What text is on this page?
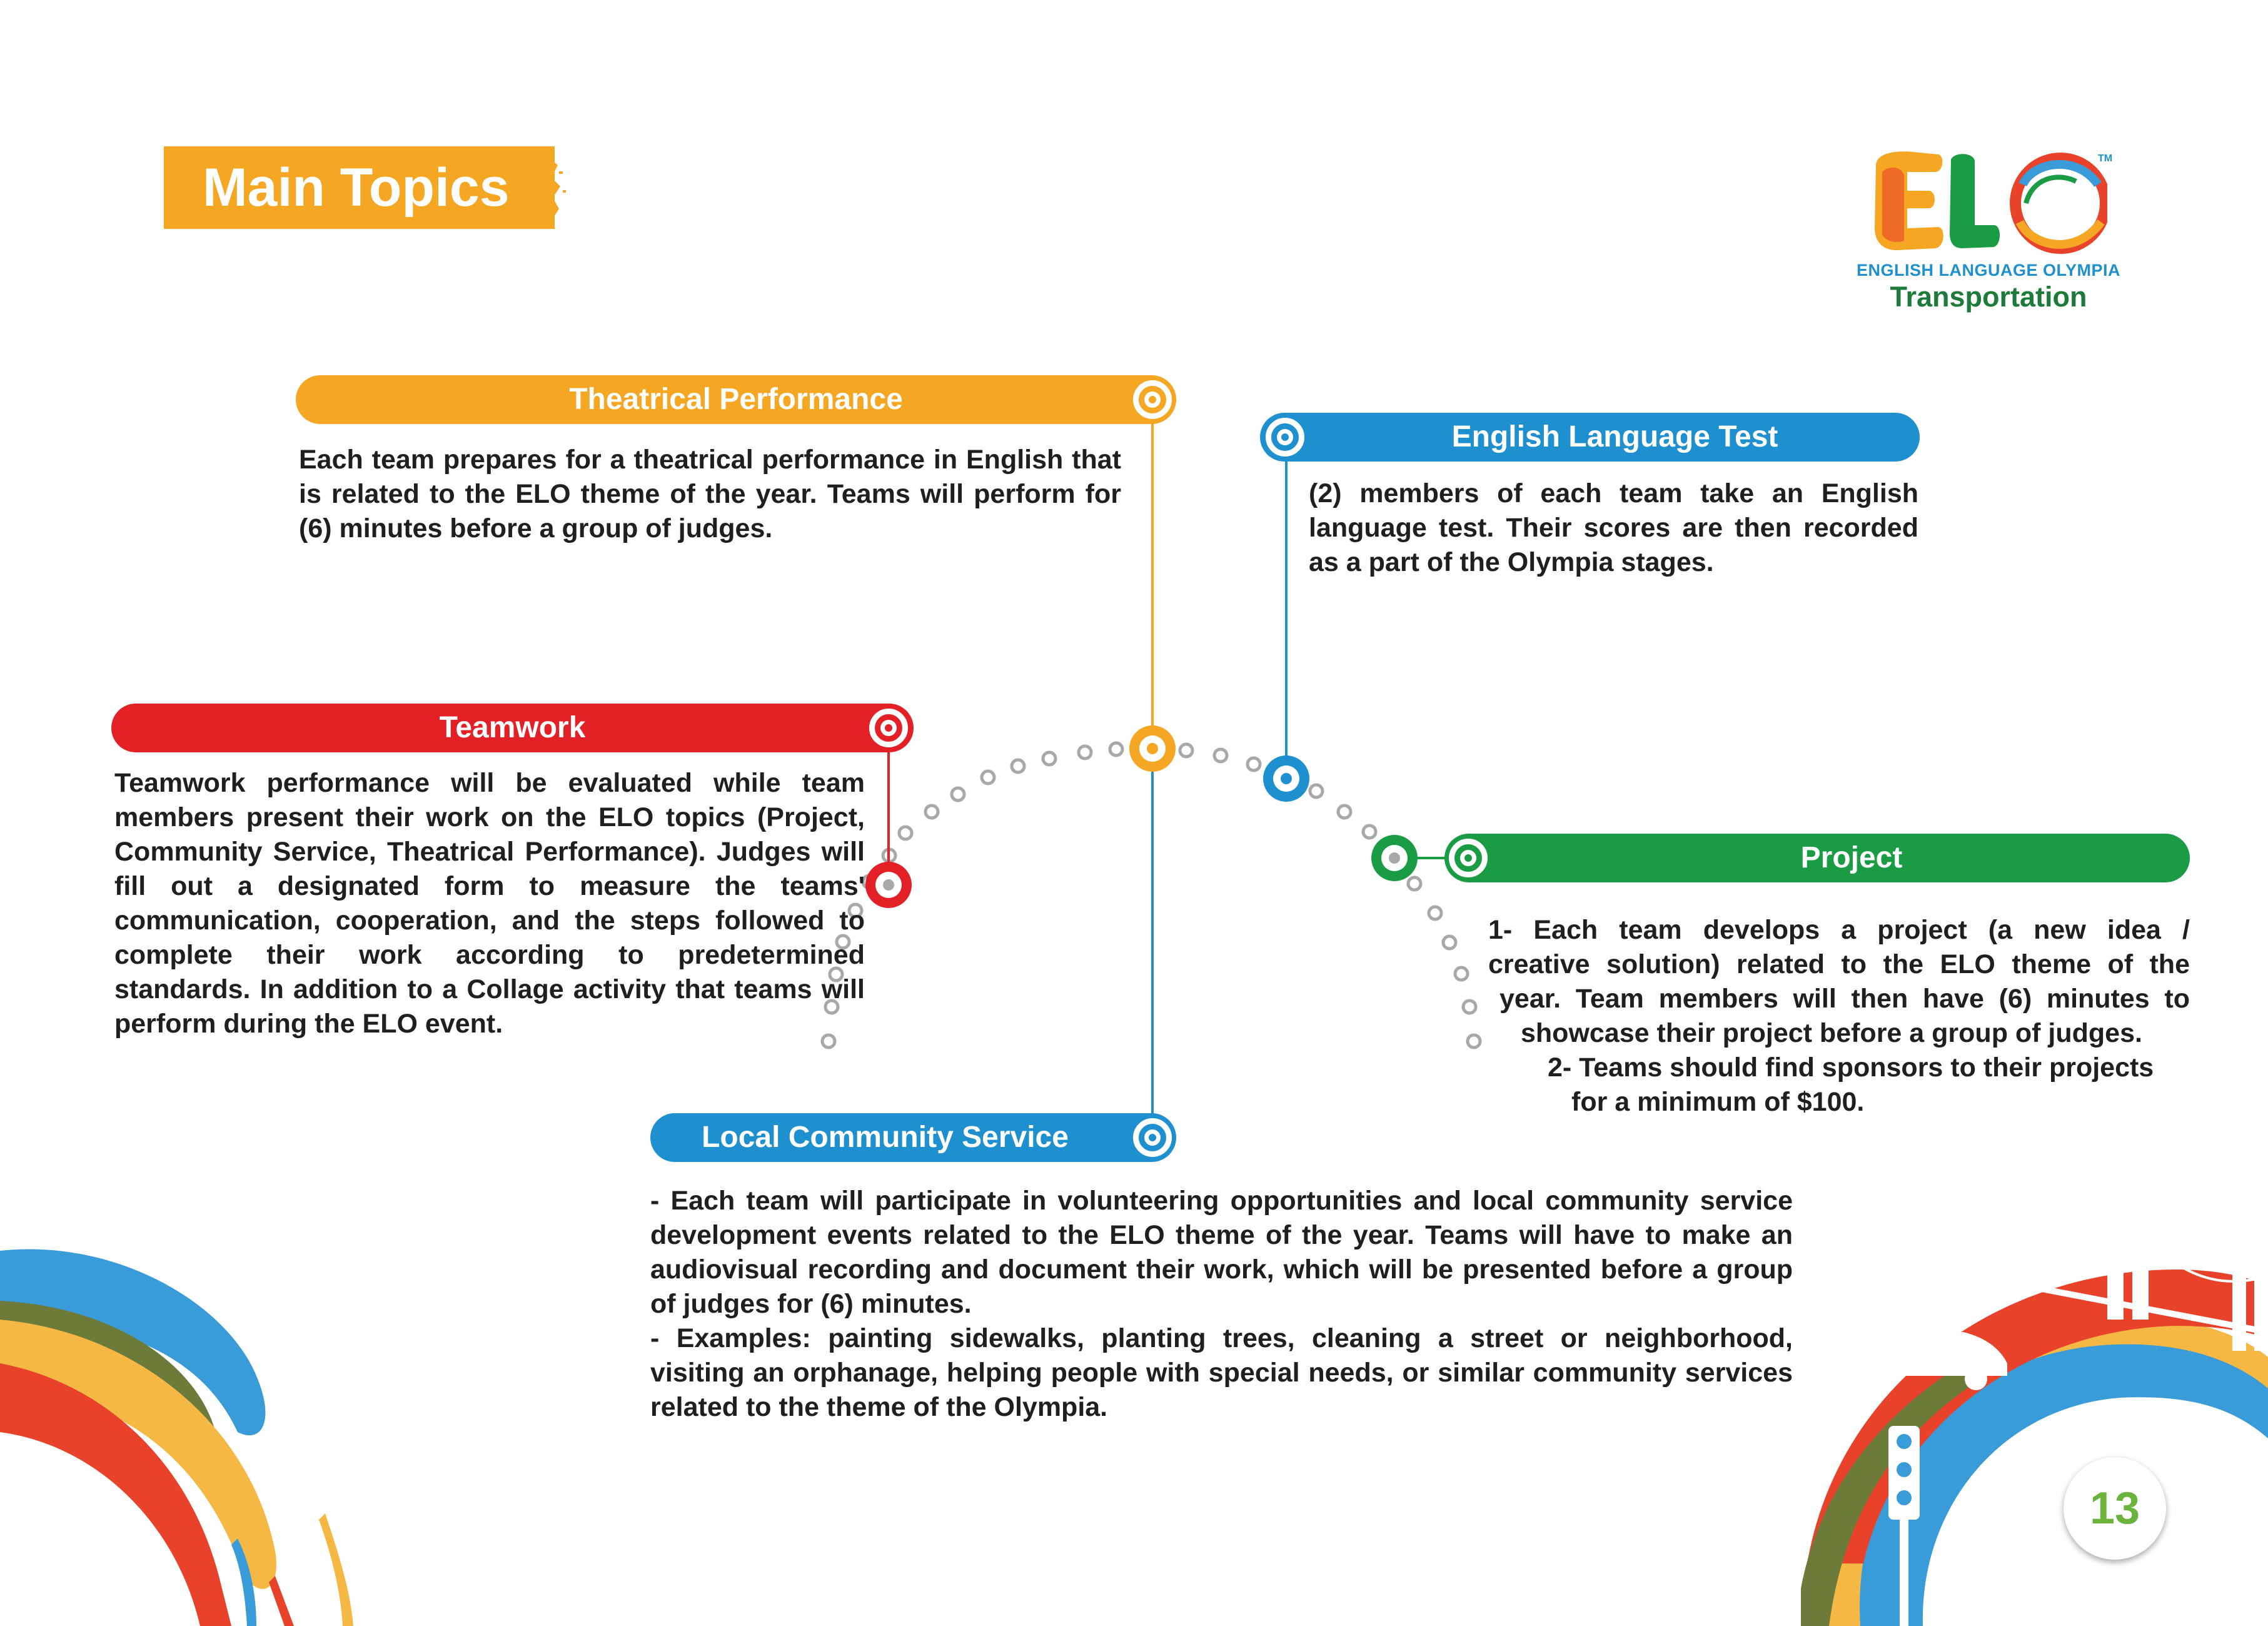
Main Topics	TM
ENGLISH LANGUAGE OLYMPIA
Transportation
Theatrical Performance
Each team prepares for a theatrical performance in English that is related to the ELO theme of the year. Teams will perform for (6) minutes before a group of judges.
English Language Test
(2) members of each team take an English language test. Their scores are then recorded as a part of the Olympia stages.
Teamwork
Teamwork performance will be evaluated while team members present their work on the ELO topics (Project, Community Service, Theatrical Performance). Judges will fill out a designated form to measure the teams' communication, cooperation, and the steps followed to complete their work according to predetermined standards. In addition to a Collage activity that teams will perform during the ELO event.
Project
1- Each team develops a project (a new idea /
creative solution) related to the ELO theme of the
year. Team members will then have (6) minutes to
showcase their project before a group of judges.
2- Teams should find sponsors to their projects
for a minimum of $100.
Local Community Service
- Each team will participate in volunteering opportunities and local community service development events related to the ELO theme of the year. Teams will have to make an audiovisual recording and document their work, which will be presented before a group of judges for (6) minutes.
- Examples: painting sidewalks, planting trees, cleaning a street or neighborhood, visiting an orphanage, helping people with special needs, or similar community services related to the theme of the Olympia.
13
